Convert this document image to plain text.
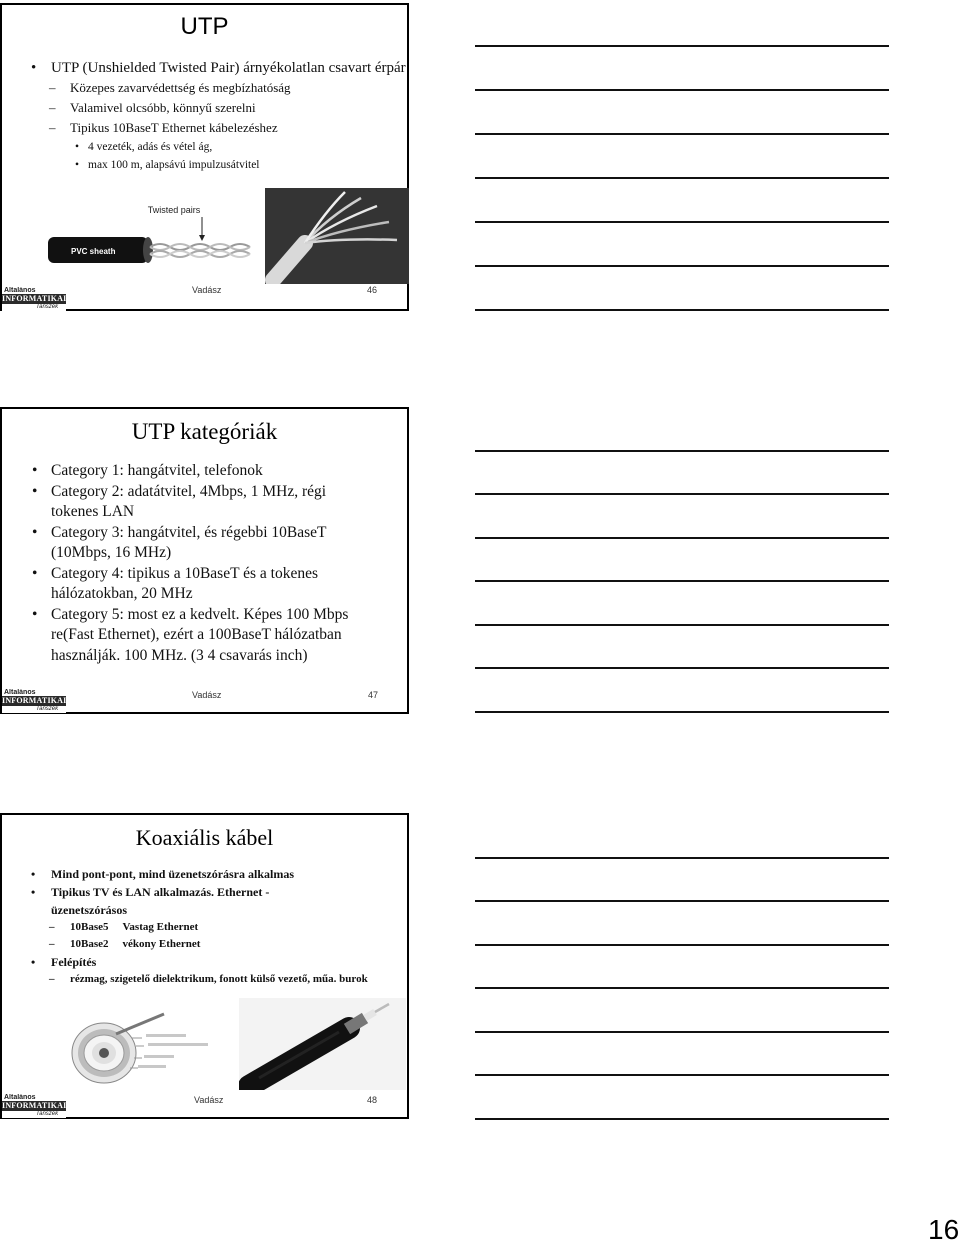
UTP
• UTP (Unshielded Twisted Pair) árnyékolatlan csavart érpár
– Közepes zavarvédettség és megbízhatóság
– Valamivel olcsóbb, könnyű szerelni
– Tipikus 10BaseT Ethernet kábelezéshez
• 4 vezeték, adás és vétel ág,
• max 100 m, alapsávú impulzusátvitel
Twisted pairs
PVC sheath
Általános
INFORMATIKAI
Tanszék
Vadász	46
UTP kategóriák
• Category 1: hangátvitel, telefonok
• Category 2: adatátvitel, 4Mbps, 1 MHz, régi tokenes LAN
• Category 3: hangátvitel, és régebbi 10BaseT (10Mbps, 16 MHz)
• Category 4: tipikus a 10BaseT és a tokenes hálózatokban, 20 MHz
• Category 5: most ez a kedvelt. Képes 100 Mbps re(Fast Ethernet), ezért a 100BaseT hálózatban használják. 100 MHz. (3 4 csavarás inch)
Általános
INFORMATIKAI
Tanszék
Vadász	47
Koaxiális kábel
• Mind pont-pont, mind üzenetszórásra alkalmas
• Tipikus TV és LAN alkalmazás. Ethernet - üzenetszórásos
– 10Base5 Vastag Ethernet
– 10Base2 vékony Ethernet
• Felépítés
– rézmag, szigetelő dielektrikum, fonott külső vezető, műa. burok
Általános
INFORMATIKAI
Tanszék
Vadász	48
16
